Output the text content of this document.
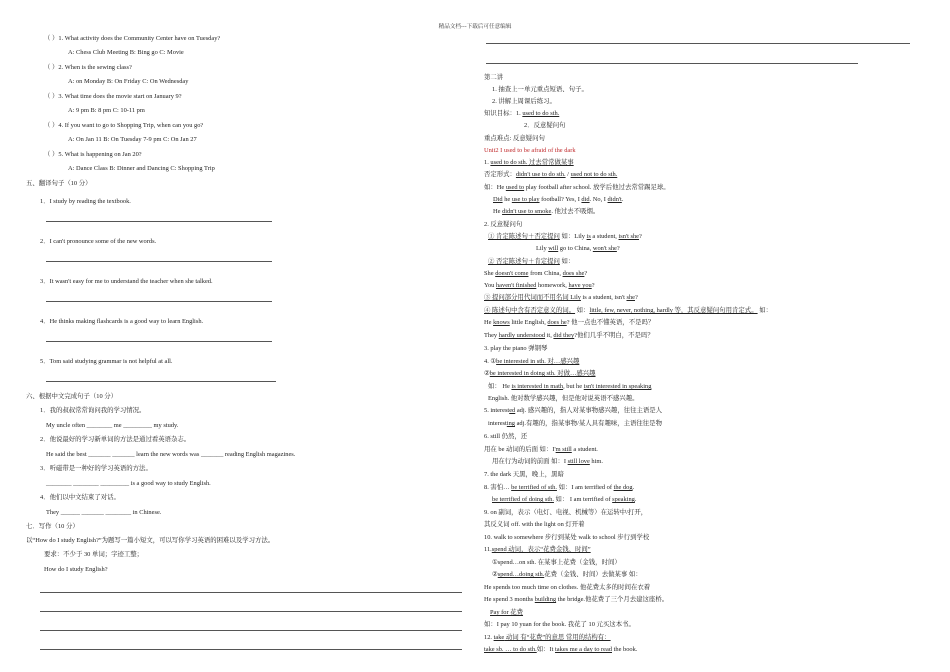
精品文档---下载后可任意编辑
（ ）1. What activity does the Community Center have on Tuesday?
A: Chess Club Meeting B: Bing go C: Movie
（ ）2. When is the sewing class?
A: on Monday B: On Friday C: On Wednesday
（ ）3. What time does the movie start on January 9?
A: 9 pm B: 8 pm C: 10-11 pm
（ ）4. If you want to go to Shopping Trip, when can you go?
A: On Jan 11 B: On Tuesday 7-9 pm C: On Jan 27
（ ）5. What is happening on Jan 20?
A: Dance Class B: Dinner and Dancing C: Shopping Trip
五、翻译句子（10 分）
1．I study by reading the textbook.
2．I can't pronounce some of the new words.
3．It wasn't easy for me to understand the teacher when she talked.
4．He thinks making flashcards is a good way to learn English.
5．Tom said studying grammar is not helpful at all.
六、根据中文完成句子（10 分）
1．我的叔叔常常询问我的学习情况。
My uncle often ________ me _________ my study.
2．他说最好的学习新单词的方法是通过看英语杂志。
He said the best _______ _______ learn the new words was _______ reading English magazines.
3．听磁带是一种好的学习英语的方法。
________ ________ _________ is a good way to study English.
4．他们以中文结束了对话。
They ______ _______ ________ in Chinese.
七．写作（10 分）
以“How do I study English?”为题写一篇小短文，可以写你学习英语的困难以及学习方法。
要求：不少于 30 单词；字迹工整；
How do I study English?
第二讲
1. 抽查上一单元重点短语、句子。
2. 讲解上周课后练习。
知识目标：1. used to do sth.
2．反意疑问句
重点难点: 反意疑问句
Unit2 I used to be afraid of the dark
1. used to do sth. 过去常常做某事
否定形式：didn't use to do sth. / used not to do sth.
如：He used to play football after school. 放学后他过去常常踢足球。
Did he use to play football? Yes, I did. No, I didn't.
He didn't use to smoke. 他过去不吸烟。
2. 反意疑问句
① 肯定陈述句＋否定提问 如：Lily is a student, isn't she?
Lily will go to China, won't she?
② 否定陈述句＋肯定提问 如：
She doesn't come from China, does she?
You haven't finished homework, have you?
③ 提问部分用代词而不用名词 Lily is a student, isn't she?
④ 陈述句中含有否定意义的词。 如：little, few, never, nothing, hardly 等，其反意疑问句用肯定式。 如：
He knows little English, does he? 他一点也不懂英语，不是吗？
They hardly understood it, did they?他们几乎不明白，不是吗？
3. play the piano 弹钢琴
4. ①be interested in sth. 对…感兴趣
②be interested in doing sth. 对做…感兴趣
如： He is interested in math, but he isn't interested in speaking
English. 他对数学感兴趣，但是他对说英语不感兴趣。
5. interested adj. 感兴趣的，指人对某事物感兴趣，往往主语是人
interesting adj.有趣的，指某事物/某人具有趣味，主语往往是物
6. still 仍然，还
用在 be 动词的后面 如：I'm still a student.
用在行为动词的前面 如：I still love him.
7. the dark 天黑，晚上，黑暗
8. 害怕… be terrified of sth. 如：I am terrified of the dog.
be terrified of doing sth. 如： I am terrified of speaking.
9. on 副词，表示（电灯、电视、机械等）在运转中/打开，
其反义词 off. with the light on 灯开着
10. walk to somewhere 步行到某处 walk to school 步行到学校
11.spend 动词，表示“花费金钱、时间”
①spend…on sth. 在某事上花费（金钱，时间）
②spend…doing sth.花费（金钱、时间）去做某事 如：
He spends too much time on clothes. 他花费太多的时间在衣着
He spend 3 months building the bridge.他花费了三个月去建这座桥。
Pay for 花费
如：I pay 10 yuan for the book. 我花了 10 元买这本书。
12. take 动词 有“花费”的意思 常用的结构有：
take sb. … to do sth.如：It takes me a day to read the book.
